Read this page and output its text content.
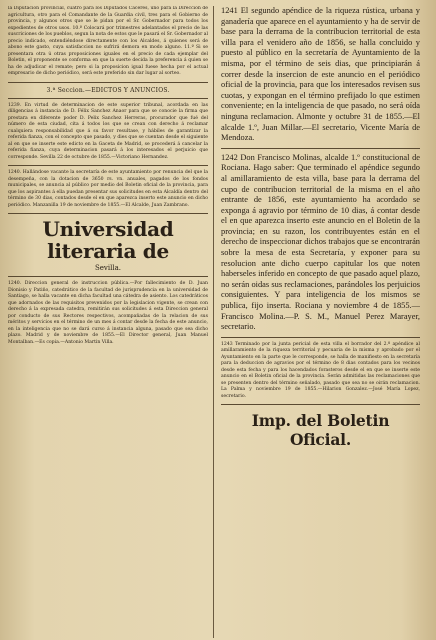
la Diputacion provincial, cuatro para los Diputados Cáceres, uno para la Direccion de agricultura, otro para el Comandante de la Guardia civil, tres para el Gobierno de provincia, y algunos otros que se le pidan por el Sr. Gobernador para todos los expedientes de otros usos. 10.º Colocará por trimestres adelantados el precio de las suscriciones de los pueblos, segun la nota de estos que le pasará el Sr. Gobernador al precio indicado, entendiéndose directamente con los Alcaldes, á quienes será de abono este gasto, cuya satisfaccion no sufrirá demora en modo alguno. 11.º Si se presentara otra ú otras proposiciones iguales en el precio de cada ejemplar del Boletin, el proponente se conforma en que la suerte decida la preferencia á quien se ha de adjudicar el remate; pero si la proposicion igual fuese hecha por el actual empresario de dicho periódico, será este preferido sin dar lugar al sorteo.

3.ª Seccion.—EDICTOS Y ANUNCIOS.

1239. En virtud de determinacion de este superior tribunal, acordada en las diligencias á instancia de D. Félix Sanchez Anaor para que se conocie la firma que prestara en diferente poder D. Pelix Sanchez Herreras, procurador que fué del número de esta ciudad, cita á todos los que se crean con derecho á reclamar cualquiera responsabilidad que á su favor resultase, y hábiles de garantizar la referida fianza, con el concepto que pasado, y dies que se cuentan desde el siguiente al en que se inserte este edicto en la Gaceta de Madrid, se procederá á cancelar la referida fianza, cuya determinacion pasará á los interesados el perjuicio que corresponde. Sevilla 22 de octubre de 1855.—Victoriano Hernandez.

1240. Hallándose vacante la secretaría de este ayuntamiento por renuncia del que la desempeña, con la dotacion de 3650 rs. vn. anuales, pagados de los fondos municipales, se anuncia al público por medio del Boletin oficial de la provincia, para que los aspirantes á ella puedan presentar sus solicitudes en esta Alcaldía dentro del término de 30 dias, contados desde el en que aparezca inserto este anuncio en dicho periódico. Manzanilla 19 de noviembre de 1855.—El Alcalde, Juan Zambrano.

Universidad literaria de
Sevilla.

1240. Direccion general de instruccion pública.—Por fallecimiento de D. Juan Dionisio y Patiño, catedrático de la facultad de jurisprudencia en la universidad de Santiago, se halla vacante en dicha facultad una cátedra de asiento. Los catedráticos que adornados de las requisitos prevenidos por la legislacion vigente, se crean con derecho á la expresada catedra, remitirán sus solicitudes á esta Direccion general por conducto de sus Rectores respectivos, acompañadas de la relacion de sus méritos y servicios en el término de un mes á contar desde la fecha de este anuncio, en la inteligencia que no se dará curso á instancia alguna, pasado que sea dicho plazo. Madrid y de noviembre de 1855.—El Director general, Juan Manuel Montalban.—Es copia.—Antonio Martin Villa.

1241 El segundo apéndice de la riqueza rústica, urbana y ganadería que aparece en el ayuntamiento y ha de servir de base para la derrama de la contribucion territorial de esta villa para el venidero año de 1856, se halla concluido y puesto al público en la secretaría de Ayuntamiento de la misma, por el término de seis dias, que principiarán á correr desde la insercion de este anuncio en el periódico oficial de la provincia, para que los interesados revisen sus cuotas, y expongan en el término prefijado lo que estimen conveniente; en la inteligencia de que pasado, no será oída ninguna reclamacion. Almonte y octubre 31 de 1855.—El alcalde 1.º, Juan Millar.—El secretario, Vicente María de Mendoza.

1242 Don Francisco Molinas, alcalde 1.º constitucional de Rociana. Hago saber: Que terminado el apéndice segundo al amillaramiento de esta villa, base para la derrama del cupo de contribucion territorial de la misma en el año entrante de 1856, este ayuntamiento ha acordado se exponga á agravio por término de 10 dias, á contar desde el en que aparezca inserto este anuncio en el Boletin de la provincia; en su razon, los contribuyentes están en el derecho de inspeccionar dichos trabajos que se encontrarán sobre la mesa de esta Secretaría, y exponer para su resolucion ante dicho cuerpo capitular los que noten haberseles inferido en concepto de que pasado aquel plazo, no serán oidas sus reclamaciones, parándoles los perjuicios consiguientes. Y para inteligencia de los mismos se publica, fijo inserta. Rociana y noviembre 4 de 1855.—Francisco Molina.—P. S. M., Manuel Perez Marayer, secretario.

1243 Terminado por la junta pericial de esta villa el borrador del 2.º apéndice al amillaramiento de la riqueza territorial y pecuaria de la misma y aprobado por el Ayuntamiento en la parte que le corresponde, se halla de manifiesto en la secretaría para la deduccion de agravios por el término de 8 dias contados para los vecinos desde esta fecha y para los hacendados forasteros desde el en que se inserte este anuncio en el Boletin oficial de la provincia. Serán admitidas las reclamaciones que se presenten dentro del término señalado, pasado que sea no se oirán reclamacion. La Palma y noviembre 19 de 1855.—Hilarion Gonzalez.—José María Lopez, secretario.

Imp. del Boletin Oficial.
